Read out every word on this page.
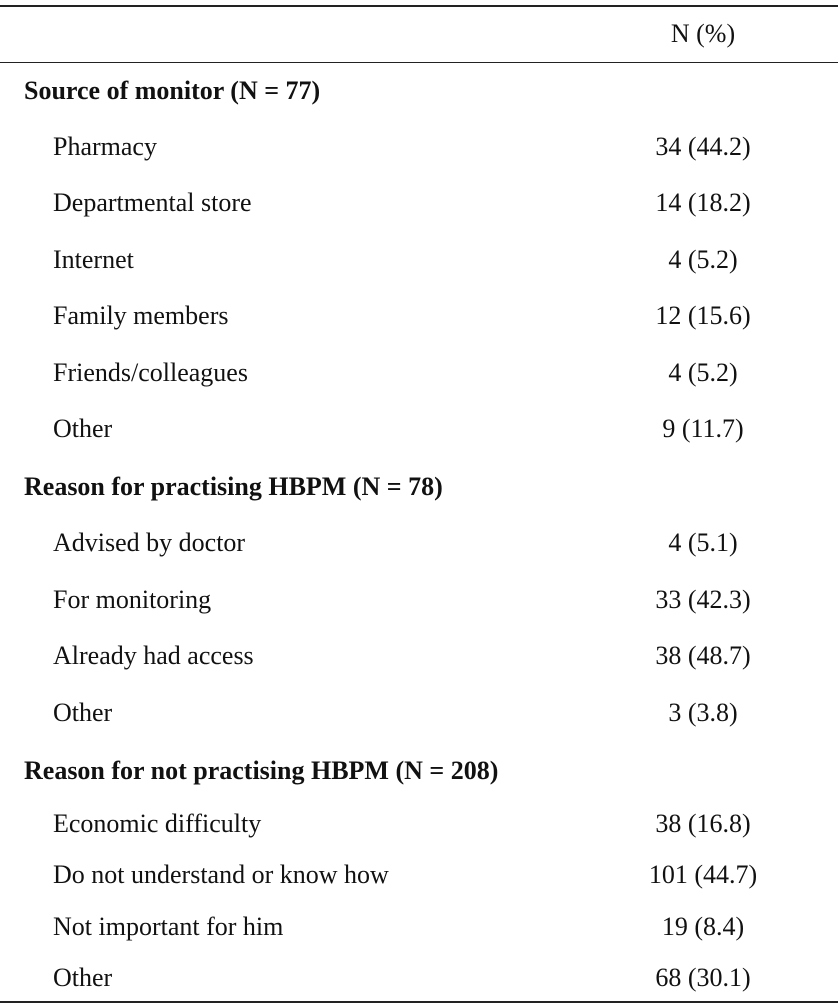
N (%)
Source of monitor (N = 77)
Pharmacy	34 (44.2)
Departmental store	14 (18.2)
Internet	4 (5.2)
Family members	12 (15.6)
Friends/colleagues	4 (5.2)
Other	9 (11.7)
Reason for practising HBPM (N = 78)
Advised by doctor	4 (5.1)
For monitoring	33 (42.3)
Already had access	38 (48.7)
Other	3 (3.8)
Reason for not practising HBPM (N = 208)
Economic difficulty	38 (16.8)
Do not understand or know how	101 (44.7)
Not important for him	19 (8.4)
Other	68 (30.1)
